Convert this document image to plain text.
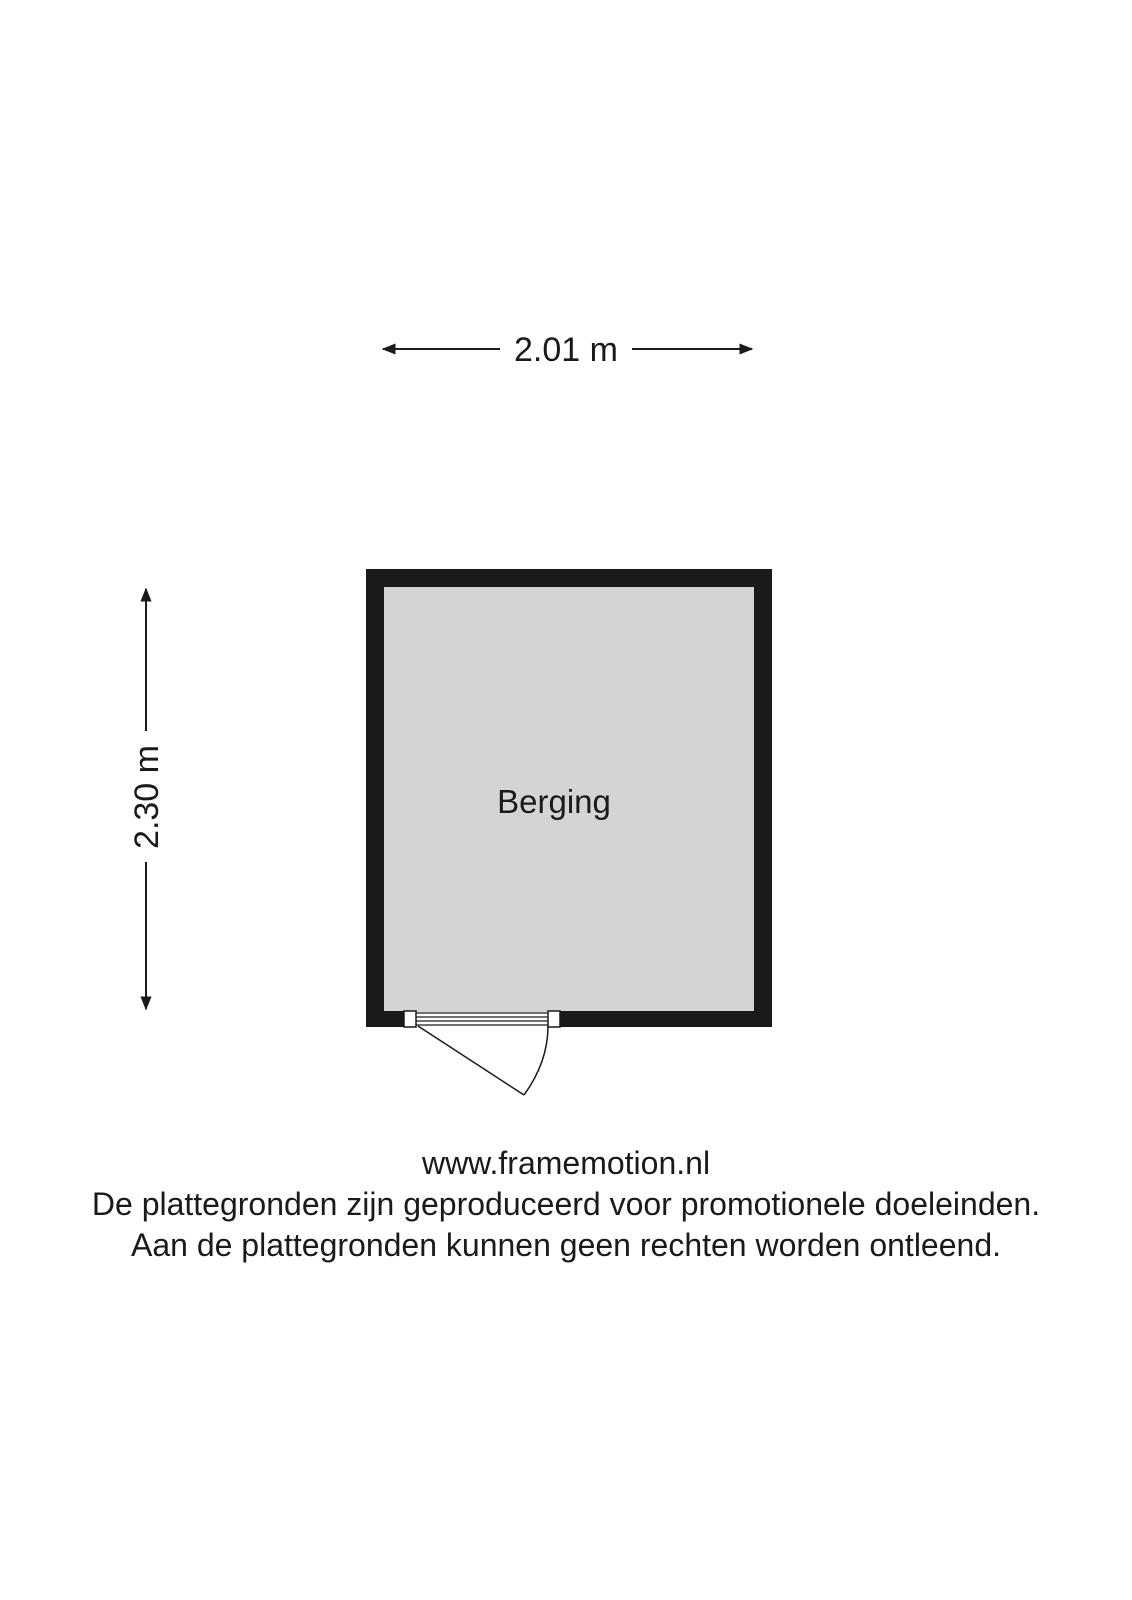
2.01 m
2.30 m	Berging
www.framemotion.nl
De plattegronden zijn geproduceerd voor promotionele doeleinden.
Aan de plattegronden kunnen geen rechten worden ontleend.
